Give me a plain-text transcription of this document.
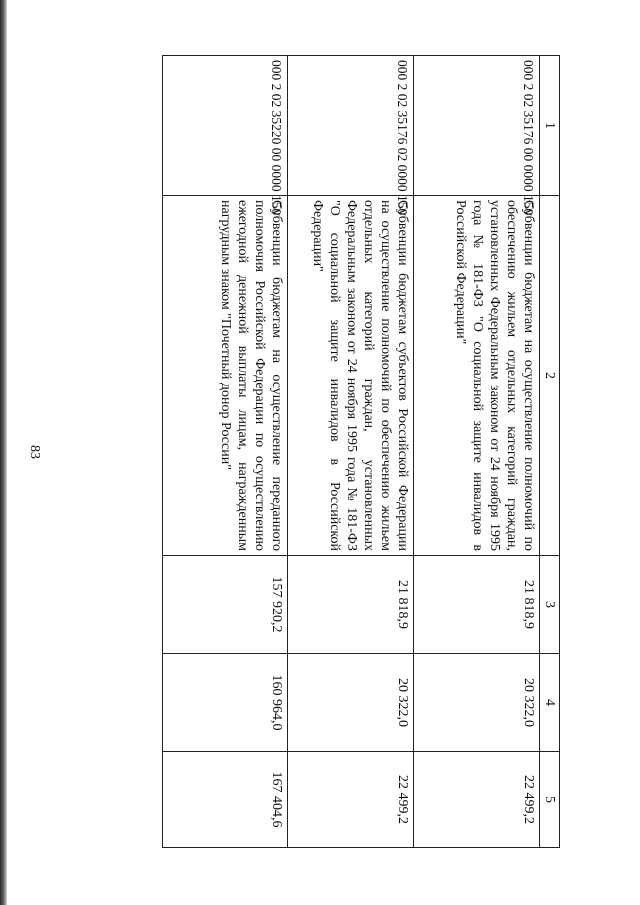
83
1	2	3	4	5
000 2 02 35176 00 0000 150	Субвенции бюджетам на осуществление полномочий по обеспечению жильем отдельных категорий граждан, установленных Федеральным законом от 24 ноября 1995 года № 181-ФЗ "О социальной защите инвалидов в Российской Федерации"	21 818,9	20 322,0	22 499,2
000 2 02 35176 02 0000 150	Субвенции бюджетам субъектов Российской Федерации на осуществление полномочий по обеспечению жильем отдельных категорий граждан, установленных Федеральным законом от 24 ноября 1995 года № 181-ФЗ "О социальной защите инвалидов в Российской Федерации"	21 818,9	20 322,0	22 499,2
000 2 02 35220 00 0000 150	Субвенции бюджетам на осуществление переданного полномочия Российской Федерации по осуществлению ежегодной денежной выплаты лицам, награжденным нагрудным знаком "Почетный донор России"	157 920,2	160 964,0	167 404,6
